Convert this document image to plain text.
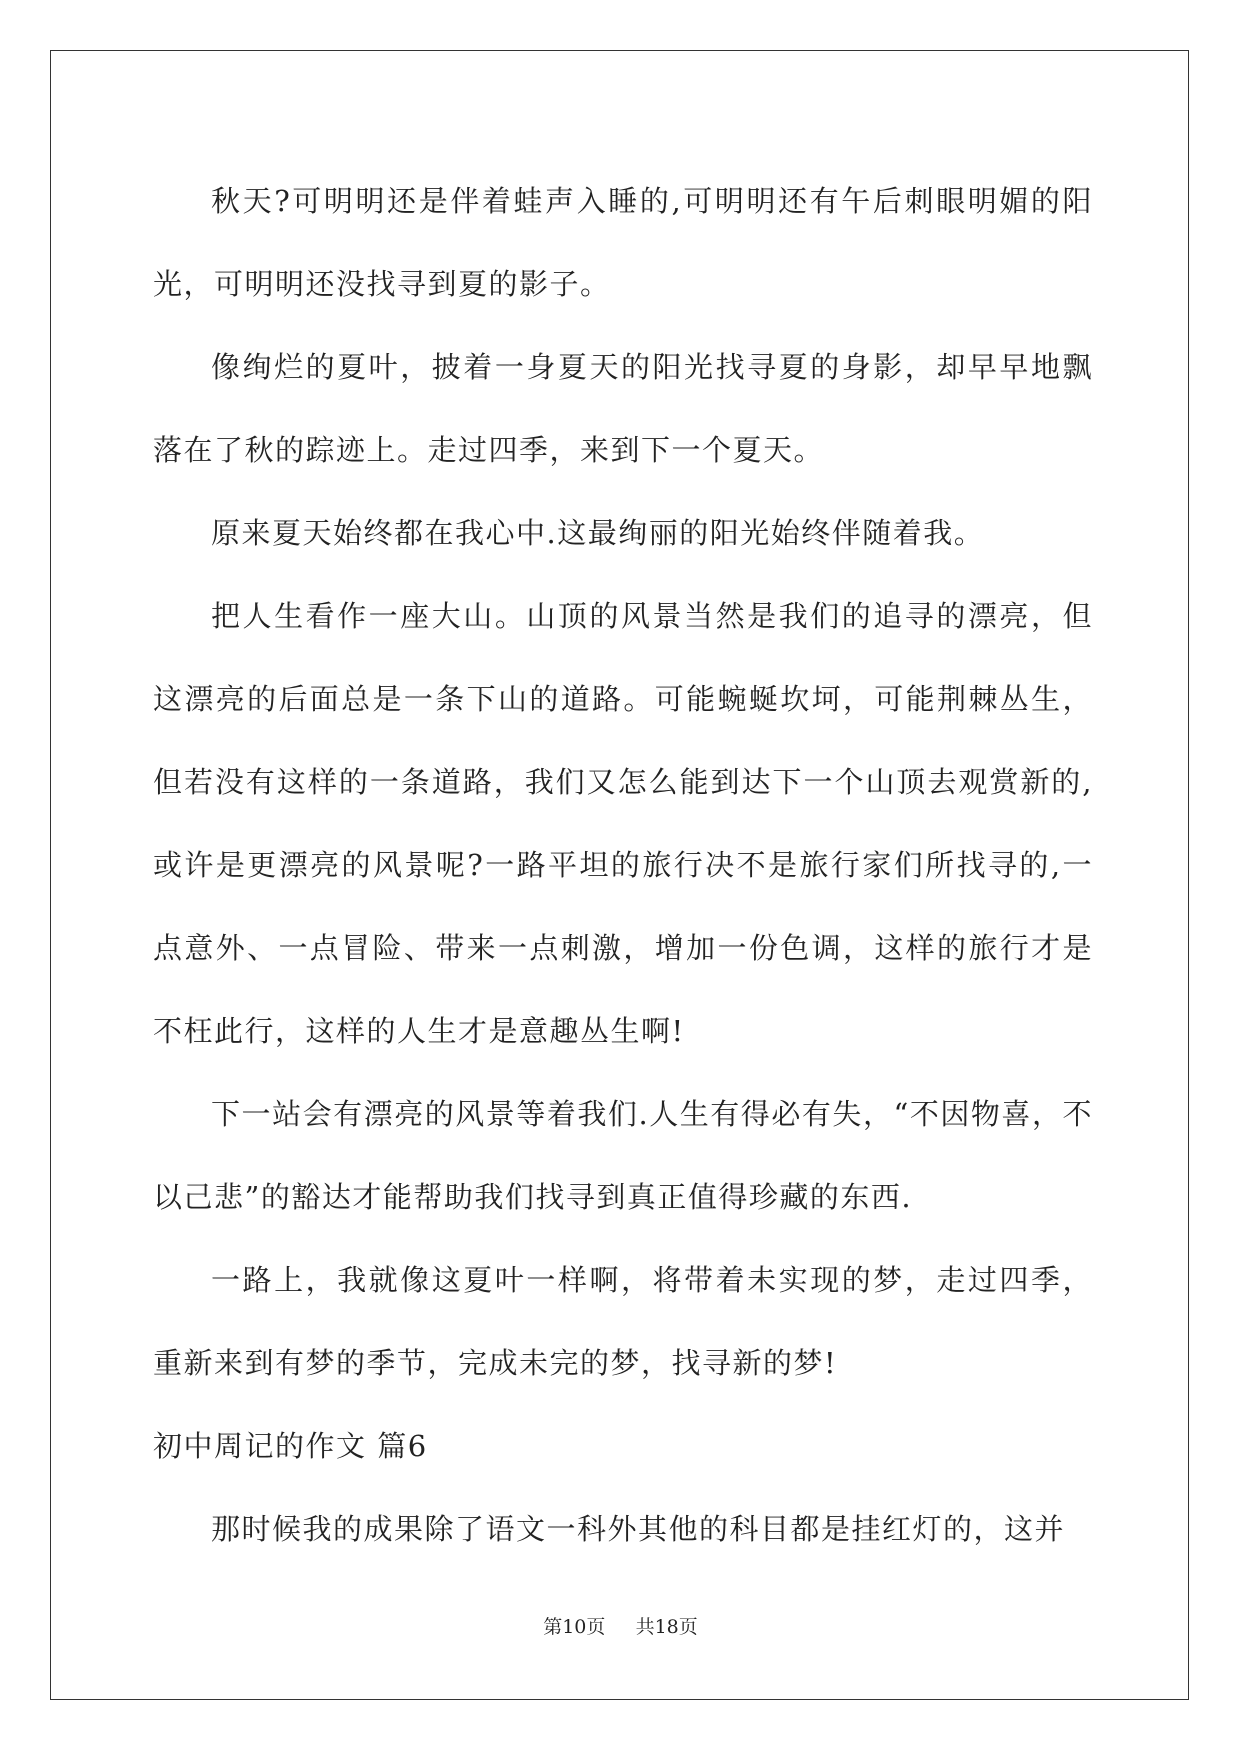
秋天?可明明还是伴着蛙声入睡的,可明明还有午后刺眼明媚的阳光，可明明还没找寻到夏的影子。

像绚烂的夏叶，披着一身夏天的阳光找寻夏的身影，却早早地飘落在了秋的踪迹上。走过四季，来到下一个夏天。

原来夏天始终都在我心中.这最绚丽的阳光始终伴随着我。

把人生看作一座大山。山顶的风景当然是我们的追寻的漂亮，但这漂亮的后面总是一条下山的道路。可能蜿蜒坎坷，可能荆棘丛生，但若没有这样的一条道路，我们又怎么能到达下一个山顶去观赏新的,或许是更漂亮的风景呢?一路平坦的旅行决不是旅行家们所找寻的,一点意外、一点冒险、带来一点刺激，增加一份色调，这样的旅行才是不枉此行，这样的人生才是意趣丛生啊!

下一站会有漂亮的风景等着我们.人生有得必有失，“不因物喜，不以己悲”的豁达才能帮助我们找寻到真正值得珍藏的东西.

一路上，我就像这夏叶一样啊，将带着未实现的梦，走过四季，重新来到有梦的季节，完成未完的梦，找寻新的梦!

初中周记的作文 篇6

那时候我的成果除了语文一科外其他的科目都是挂红灯的，这并

第10页 共18页
